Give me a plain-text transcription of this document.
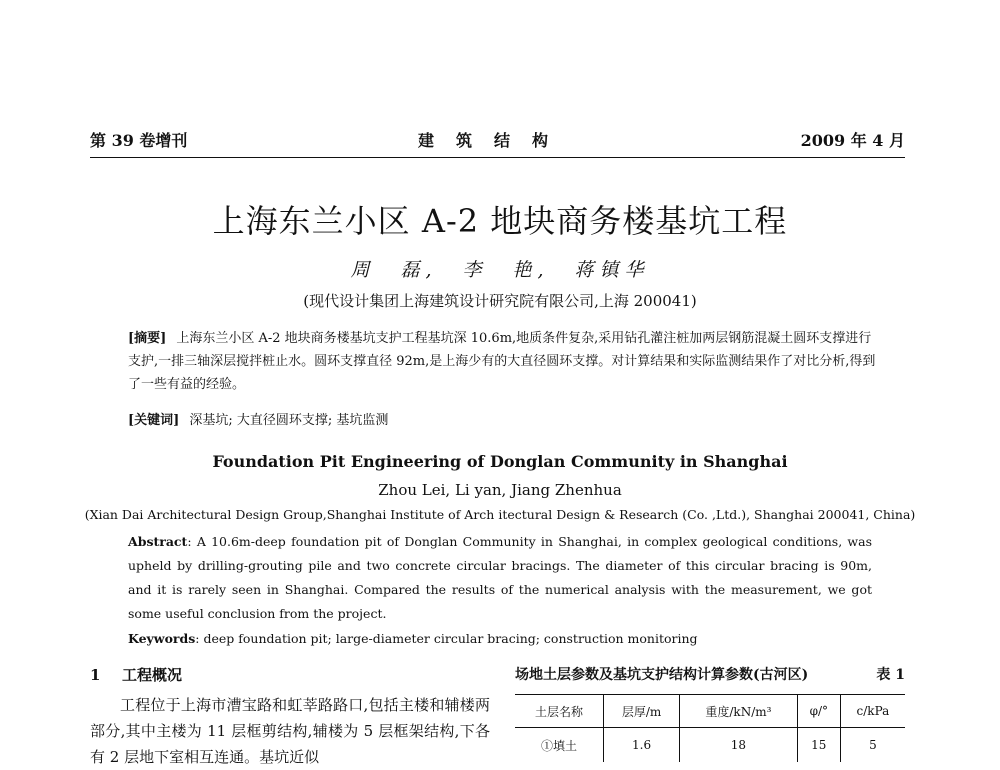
第 39 卷增刊	建筑结构	2009 年 4 月
上海东兰小区 A-2 地块商务楼基坑工程
周　磊,　李　艳,　蒋镇华
(现代设计集团上海建筑设计研究院有限公司,上海 200041)
[摘要] 上海东兰小区 A-2 地块商务楼基坑支护工程基坑深 10.6m,地质条件复杂,采用钻孔灌注桩加两层钢筋混凝土圆环支撑进行支护,一排三轴深层搅拌桩止水。圆环支撑直径 92m,是上海少有的大直径圆环支撑。对计算结果和实际监测结果作了对比分析,得到了一些有益的经验。
[关键词] 深基坑; 大直径圆环支撑; 基坑监测
Foundation Pit Engineering of Donglan Community in Shanghai
Zhou Lei, Li yan, Jiang Zhenhua
(Xian Dai Architectural Design Group,Shanghai Institute of Arch itectural Design & Research (Co. ,Ltd.), Shanghai 200041, China)
Abstract: A 10.6m-deep foundation pit of Donglan Community in Shanghai, in complex geological conditions, was upheld by drilling-grouting pile and two concrete circular bracings. The diameter of this circular bracing is 90m, and it is rarely seen in Shanghai. Compared the results of the numerical analysis with the measurement, we got some useful conclusion from the project.
Keywords: deep foundation pit; large-diameter circular bracing; construction monitoring
1 工程概况
工程位于上海市漕宝路和虹莘路路口,包括主楼和辅楼两部分,其中主楼为 11 层框剪结构,辅楼为 5 层框架结构,下各有 2 层地下室相互连通。基坑近似
场地土层参数及基坑支护结构计算参数(古河区)	表 1
土层名称	层厚/m	重度/kN/m³	φ/°	c/kPa
①填土	1.6	18	15	5
